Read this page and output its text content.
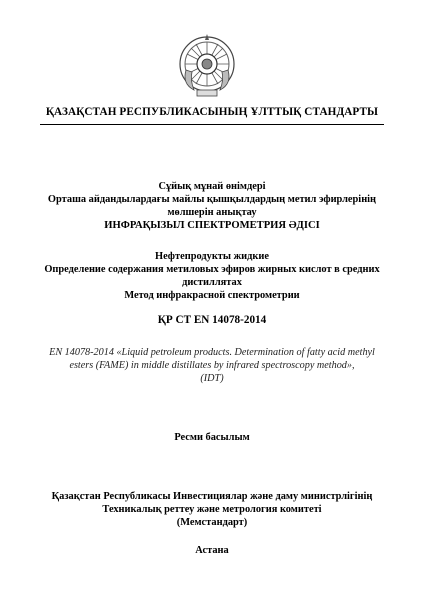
ҚАЗАҚСТАН РЕСПУБЛИКАСЫНЫҢ ҰЛТТЫҚ СТАНДАРТЫ
Сұйық мұнай өнімдері
Орташа айдандылардағы майлы қышқылдардың метил эфирлерінің
мөлшерін анықтау
ИНФРАҚЫЗЫЛ СПЕКТРОМЕТРИЯ ӘДІСІ
Нефтепродукты жидкие
Определение содержания метиловых эфиров жирных кислот в средних
дистиллятах
Метод инфракрасной спектрометрии
ҚР СТ EN 14078-2014
EN 14078-2014 «Liquid petroleum products. Determination of fatty acid methyl
esters (FAME) in middle distillates by infrared spectroscopy method»,
(IDT)
Ресми басылым
Қазақстан Республикасы Инвестициялар және даму министрлігінің
Техникалық реттеу және метрология комитеті
(Мемстандарт)
Астана
